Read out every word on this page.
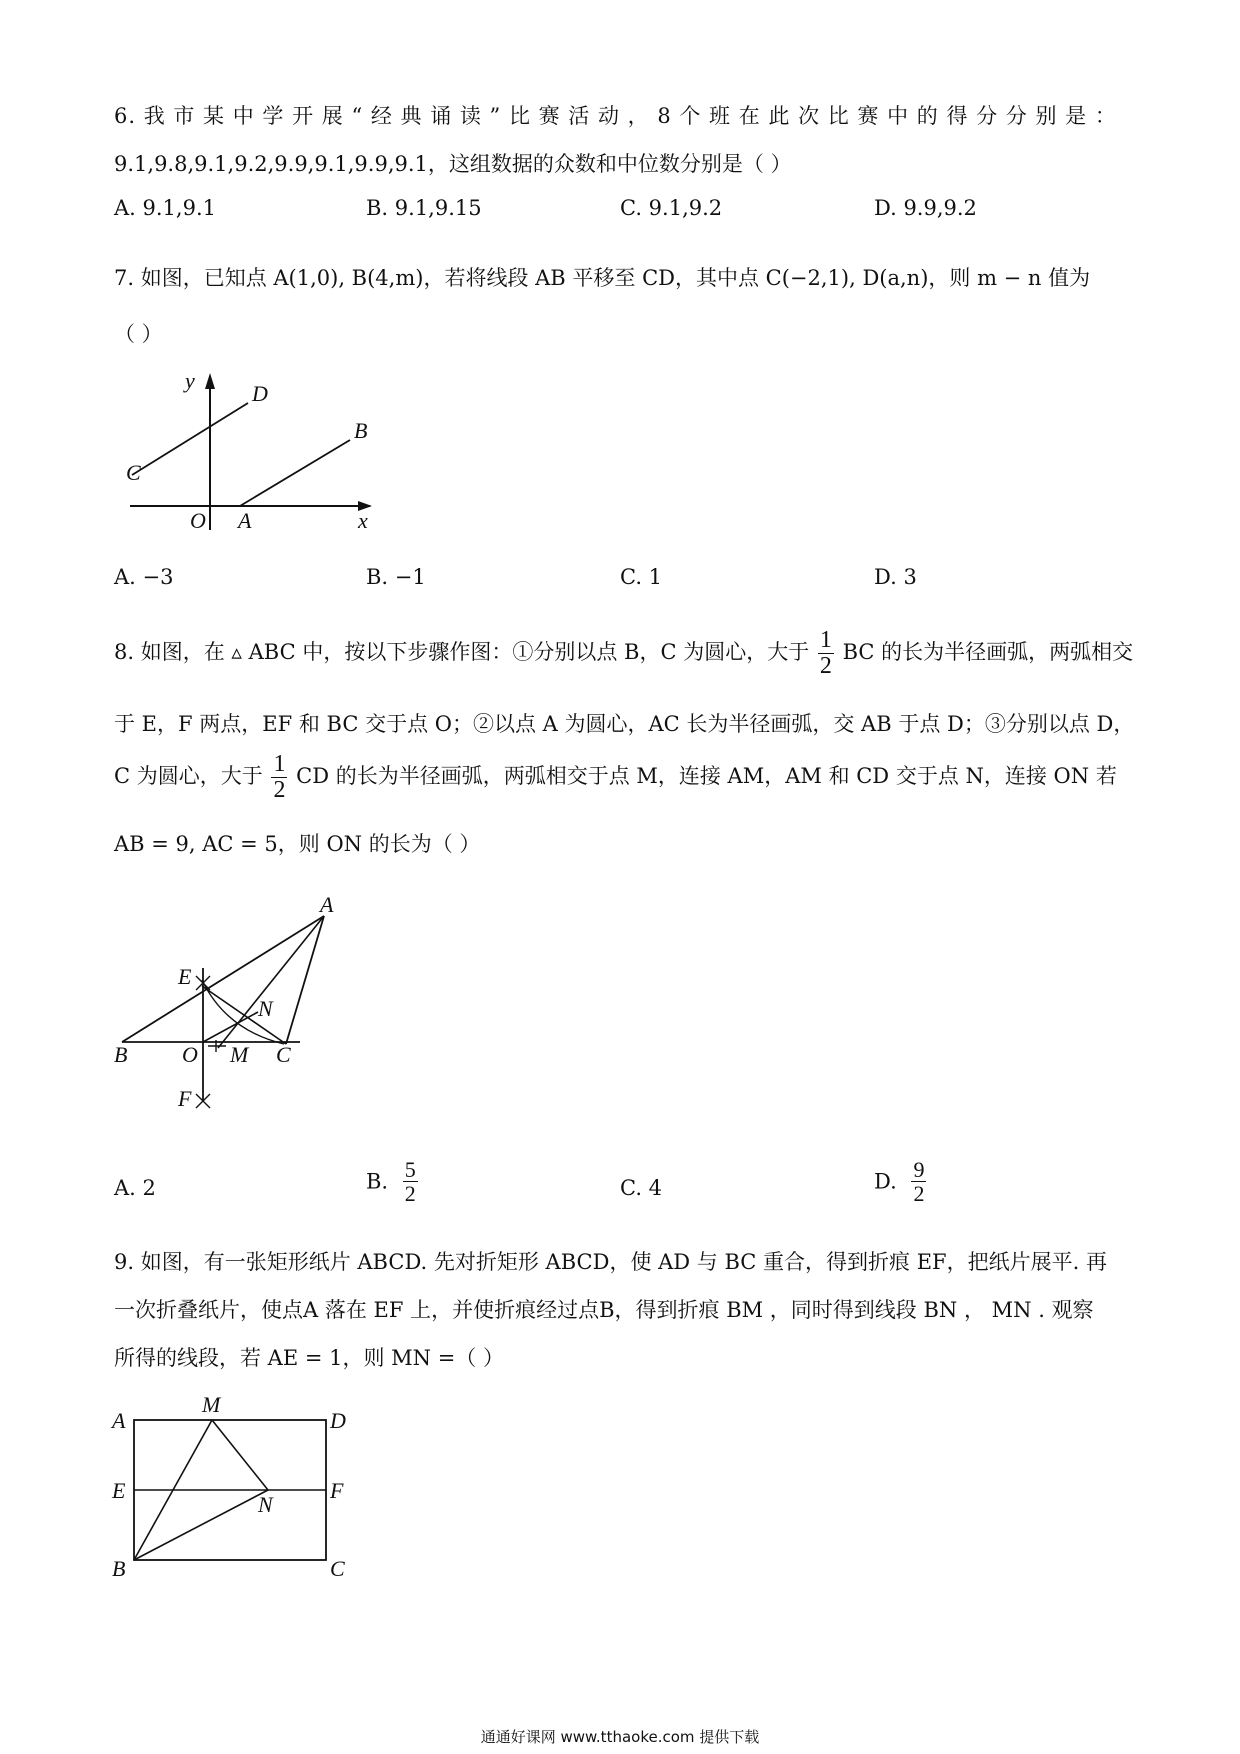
6. 我 市 某 中 学 开 展 “ 经 典 诵 读 ” 比 赛 活 动 ， 8 个 班 在 此 次 比 赛 中 的 得 分 分 别 是 ：
9.1,9.8,9.1,9.2,9.9,9.1,9.9,9.1，这组数据的众数和中位数分别是（ ）
A. 9.1,9.1	B. 9.1,9.15	C. 9.1,9.2	D. 9.9,9.2
7. 如图，已知点 A(1,0), B(4,m)，若将线段 AB 平移至 CD，其中点 C(−2,1), D(a,n)，则 m − n 值为
（ ）
y
D
B
C
O A	x
A. −3	B. −1	C. 1	D. 3
8. 如图，在 ▵ ABC 中，按以下步骤作图：①分别以点 B，C 为圆心，大于 $\frac{1}{2}$ BC 的长为半径画弧，两弧相交
于 E，F 两点，EF 和 BC 交于点 O；②以点 A 为圆心，AC 长为半径画弧，交 AB 于点 D；③分别以点 D，
C 为圆心，大于 $\frac{1}{2}$ CD 的长为半径画弧，两弧相交于点 M，连接 AM，AM 和 CD 交于点 N，连接 ON 若
AB = 9, AC = 5，则 ON 的长为（ ）
A
E
N
B O M C
F
A. 2	B. $\frac{5}{2}$	C. 4	D. $\frac{9}{2}$
9. 如图，有一张矩形纸片 ABCD. 先对折矩形 ABCD，使 AD 与 BC 重合，得到折痕 EF，把纸片展平. 再
一次折叠纸片，使点A 落在 EF 上，并使折痕经过点B，得到折痕 BM ，同时得到线段 BN ， MN . 观察
所得的线段，若 AE = 1，则 MN =（ ）
A
M
D
E	F
N
B	C
通通好课网 www.tthaoke.com 提供下载
